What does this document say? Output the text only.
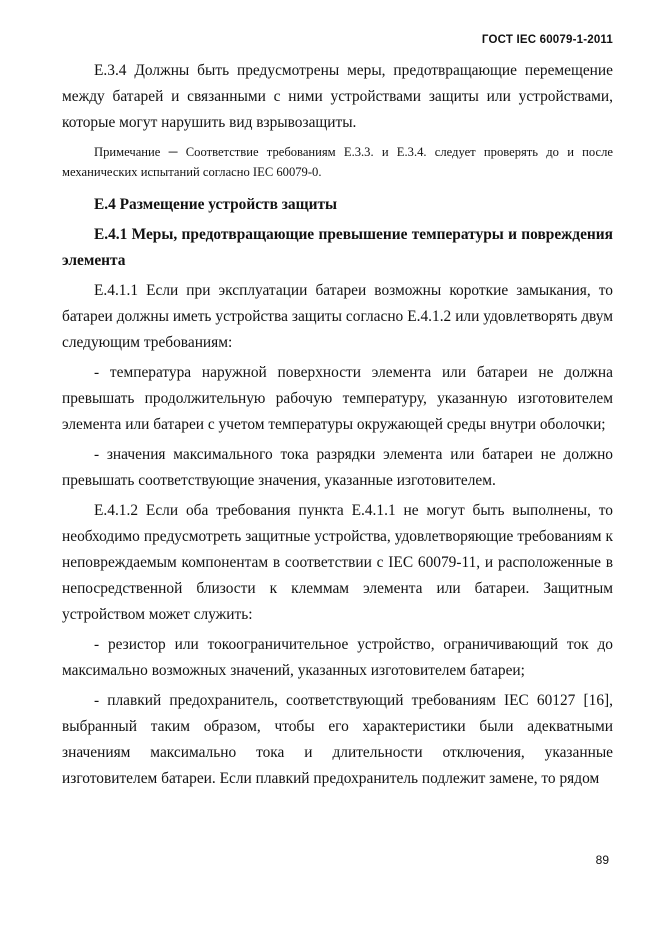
ГОСТ IEC 60079-1-2011

Е.3.4 Должны быть предусмотрены меры, предотвращающие перемещение между батарей и связанными с ними устройствами защиты или устройствами, которые могут нарушить вид взрывозащиты.

Примечание ─ Соответствие требованиям Е.3.3. и Е.3.4. следует проверять до и после механических испытаний согласно IEC 60079-0.

Е.4 Размещение устройств защиты

Е.4.1 Меры, предотвращающие превышение температуры и повреждения элемента

Е.4.1.1 Если при эксплуатации батареи возможны короткие замыкания, то батареи должны иметь устройства защиты согласно Е.4.1.2 или удовлетворять двум следующим требованиям:

- температура наружной поверхности элемента или батареи не должна превышать продолжительную рабочую температуру, указанную изготовителем элемента или батареи с учетом температуры окружающей среды внутри оболочки;

- значения максимального тока разрядки элемента или батареи не должно превышать соответствующие значения, указанные изготовителем.

Е.4.1.2 Если оба требования пункта Е.4.1.1 не могут быть выполнены, то необходимо предусмотреть защитные устройства, удовлетворяющие требованиям к неповреждаемым компонентам в соответствии с IEC 60079-11, и расположенные в непосредственной близости к клеммам элемента или батареи. Защитным устройством может служить:

- резистор или токоограничительное устройство, ограничивающий ток до максимально возможных значений, указанных изготовителем батареи;

- плавкий предохранитель, соответствующий требованиям IEC 60127 [16], выбранный таким образом, чтобы его характеристики были адекватными значениям максимально тока и длительности отключения, указанные изготовителем батареи. Если плавкий предохранитель подлежит замене, то рядом

89
